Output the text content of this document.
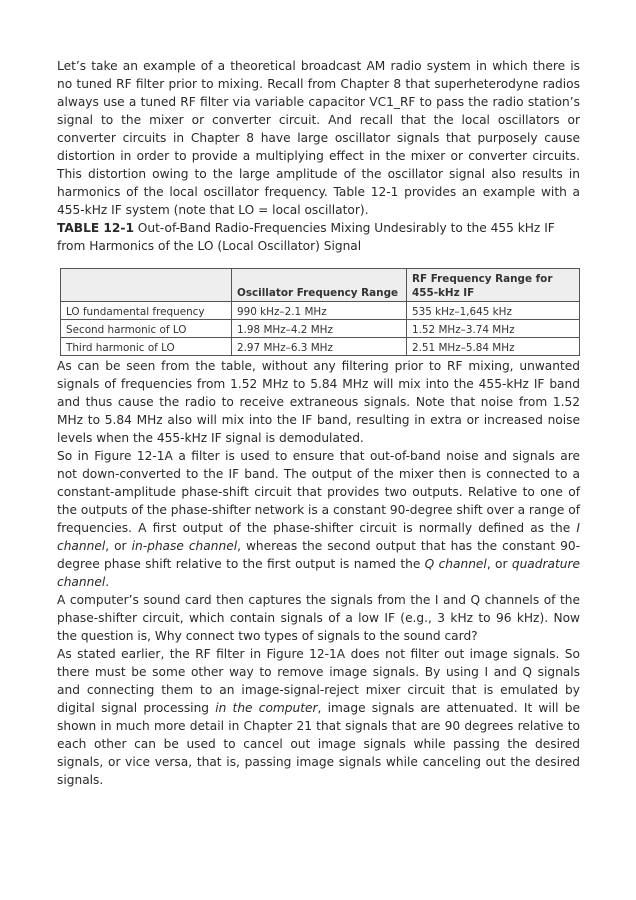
Let’s take an example of a theoretical broadcast AM radio system in which there is no tuned RF filter prior to mixing. Recall from Chapter 8 that superheterodyne radios always use a tuned RF filter via variable capacitor VC1_RF to pass the radio station’s signal to the mixer or converter circuit. And recall that the local oscillators or converter circuits in Chapter 8 have large oscillator signals that purposely cause distortion in order to provide a multiplying effect in the mixer or converter circuits. This distortion owing to the large amplitude of the oscillator signal also results in harmonics of the local oscillator frequency. Table 12-1 provides an example with a 455-kHz IF system (note that LO = local oscillator).

TABLE 12-1 Out-of-Band Radio-Frequencies Mixing Undesirably to the 455 kHz IF from Harmonics of the LO (Local Oscillator) Signal
	Oscillator Frequency Range	RF Frequency Range for 455-kHz IF
LO fundamental frequency	990 kHz–2.1 MHz	535 kHz–1,645 kHz
Second harmonic of LO	1.98 MHz–4.2 MHz	1.52 MHz–3.74 MHz
Third harmonic of LO	2.97 MHz–6.3 MHz	2.51 MHz–5.84 MHz

As can be seen from the table, without any filtering prior to RF mixing, unwanted signals of frequencies from 1.52 MHz to 5.84 MHz will mix into the 455-kHz IF band and thus cause the radio to receive extraneous signals. Note that noise from 1.52 MHz to 5.84 MHz also will mix into the IF band, resulting in extra or increased noise levels when the 455-kHz IF signal is demodulated.

So in Figure 12-1A a filter is used to ensure that out-of-band noise and signals are not down-converted to the IF band. The output of the mixer then is connected to a constant-amplitude phase-shift circuit that provides two outputs. Relative to one of the outputs of the phase-shifter network is a constant 90-degree shift over a range of frequencies. A first output of the phase-shifter circuit is normally defined as the I channel, or in-phase channel, whereas the second output that has the constant 90-degree phase shift relative to the first output is named the Q channel, or quadrature channel.

A computer’s sound card then captures the signals from the I and Q channels of the phase-shifter circuit, which contain signals of a low IF (e.g., 3 kHz to 96 kHz). Now the question is, Why connect two types of signals to the sound card?

As stated earlier, the RF filter in Figure 12-1A does not filter out image signals. So there must be some other way to remove image signals. By using I and Q signals and connecting them to an image-signal-reject mixer circuit that is emulated by digital signal processing in the computer, image signals are attenuated. It will be shown in much more detail in Chapter 21 that signals that are 90 degrees relative to each other can be used to cancel out image signals while passing the desired signals, or vice versa, that is, passing image signals while canceling out the desired signals.
